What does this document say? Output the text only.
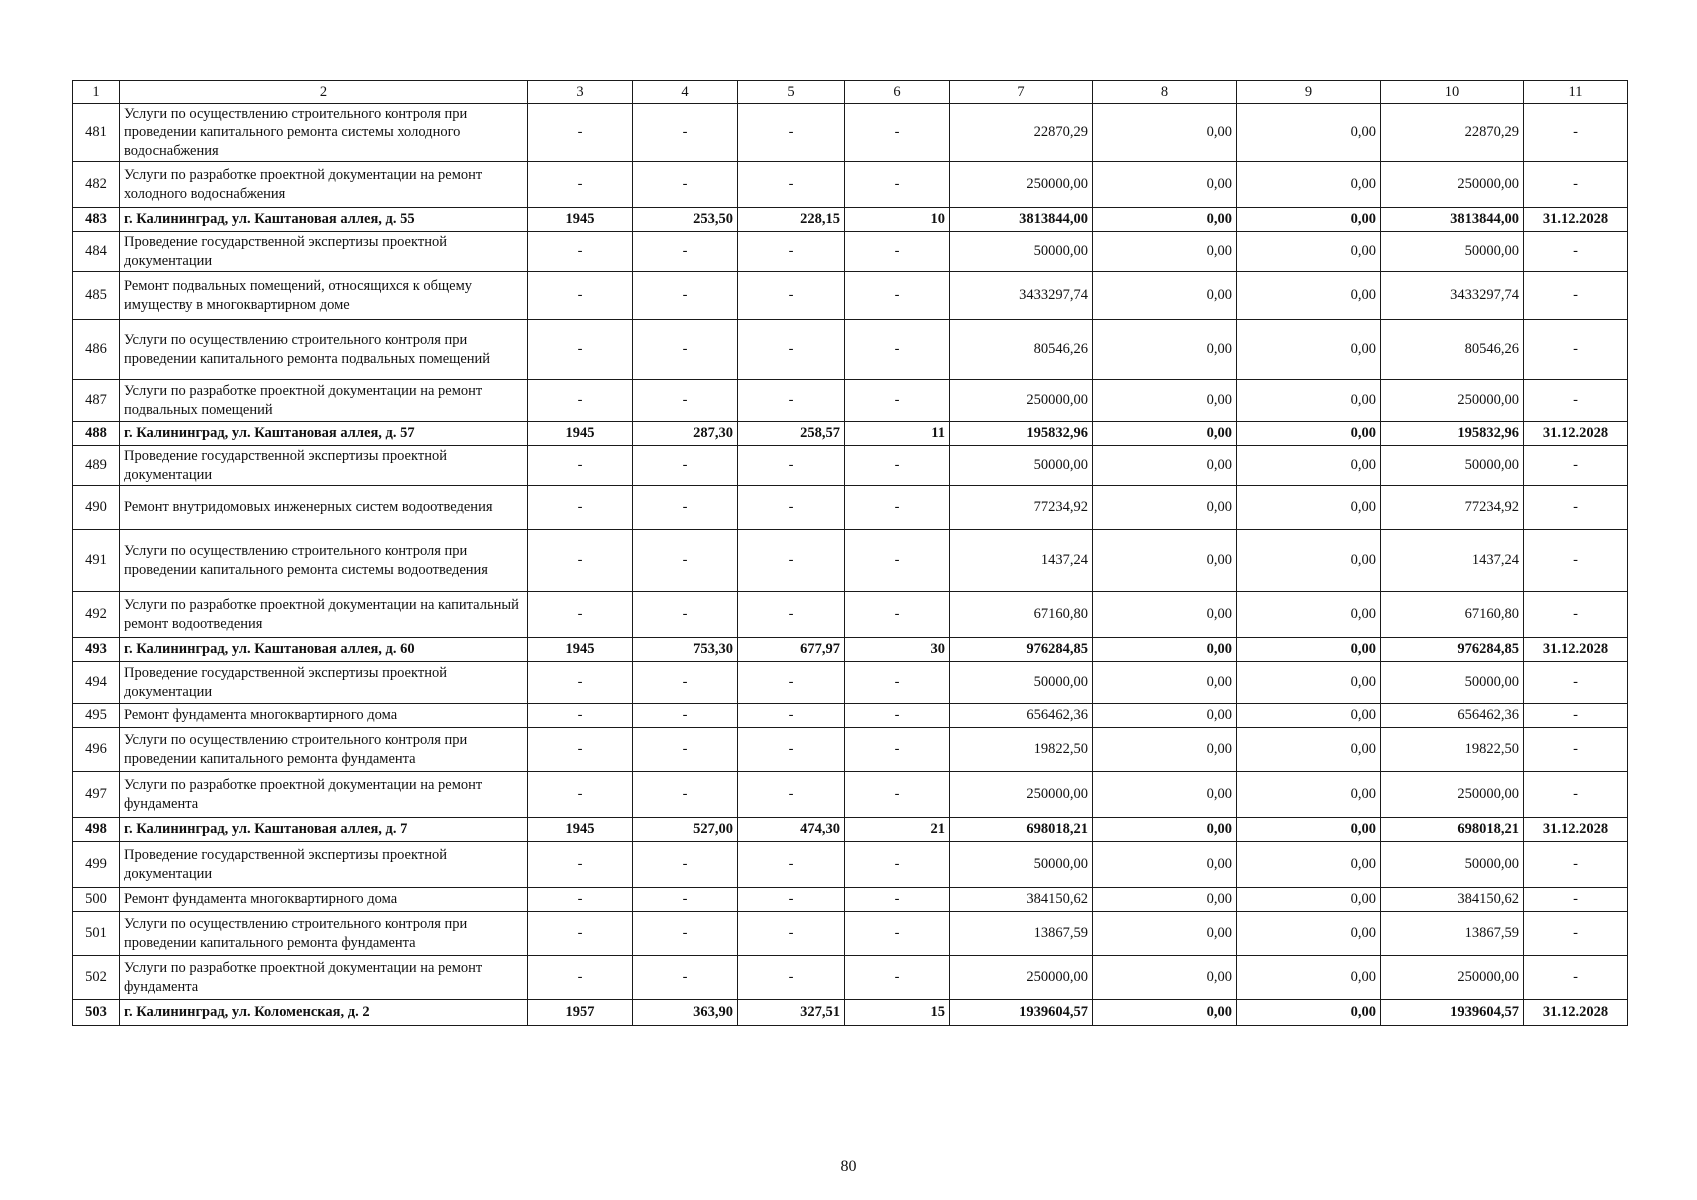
1	2	3	4	5	6	7	8	9	10	11
481	Услуги по осуществлению строительного контроля при проведении капитального ремонта системы холодного водоснабжения	-	-	-	-	22870,29	0,00	0,00	22870,29	-
482	Услуги по разработке проектной документации на ремонт холодного водоснабжения	-	-	-	-	250000,00	0,00	0,00	250000,00	-
483	г. Калининград, ул. Каштановая аллея, д. 55	1945	253,50	228,15	10	3813844,00	0,00	0,00	3813844,00	31.12.2028
484	Проведение государственной экспертизы проектной документации	-	-	-	-	50000,00	0,00	0,00	50000,00	-
485	Ремонт подвальных помещений, относящихся к общему имуществу в многоквартирном доме	-	-	-	-	3433297,74	0,00	0,00	3433297,74	-
486	Услуги по осуществлению строительного контроля при проведении капитального ремонта подвальных помещений	-	-	-	-	80546,26	0,00	0,00	80546,26	-
487	Услуги по разработке проектной документации на ремонт подвальных помещений	-	-	-	-	250000,00	0,00	0,00	250000,00	-
488	г. Калининград, ул. Каштановая аллея, д. 57	1945	287,30	258,57	11	195832,96	0,00	0,00	195832,96	31.12.2028
489	Проведение государственной экспертизы проектной документации	-	-	-	-	50000,00	0,00	0,00	50000,00	-
490	Ремонт внутридомовых инженерных систем водоотведения	-	-	-	-	77234,92	0,00	0,00	77234,92	-
491	Услуги по осуществлению строительного контроля при проведении капитального ремонта системы водоотведения	-	-	-	-	1437,24	0,00	0,00	1437,24	-
492	Услуги по разработке проектной документации на капитальный ремонт водоотведения	-	-	-	-	67160,80	0,00	0,00	67160,80	-
493	г. Калининград, ул. Каштановая аллея, д. 60	1945	753,30	677,97	30	976284,85	0,00	0,00	976284,85	31.12.2028
494	Проведение государственной экспертизы проектной документации	-	-	-	-	50000,00	0,00	0,00	50000,00	-
495	Ремонт фундамента многоквартирного дома	-	-	-	-	656462,36	0,00	0,00	656462,36	-
496	Услуги по осуществлению строительного контроля при проведении капитального ремонта фундамента	-	-	-	-	19822,50	0,00	0,00	19822,50	-
497	Услуги по разработке проектной документации на ремонт фундамента	-	-	-	-	250000,00	0,00	0,00	250000,00	-
498	г. Калининград, ул. Каштановая аллея, д. 7	1945	527,00	474,30	21	698018,21	0,00	0,00	698018,21	31.12.2028
499	Проведение государственной экспертизы проектной документации	-	-	-	-	50000,00	0,00	0,00	50000,00	-
500	Ремонт фундамента многоквартирного дома	-	-	-	-	384150,62	0,00	0,00	384150,62	-
501	Услуги по осуществлению строительного контроля при проведении капитального ремонта фундамента	-	-	-	-	13867,59	0,00	0,00	13867,59	-
502	Услуги по разработке проектной документации на ремонт фундамента	-	-	-	-	250000,00	0,00	0,00	250000,00	-
503	г. Калининград, ул. Коломенская, д. 2	1957	363,90	327,51	15	1939604,57	0,00	0,00	1939604,57	31.12.2028
80
